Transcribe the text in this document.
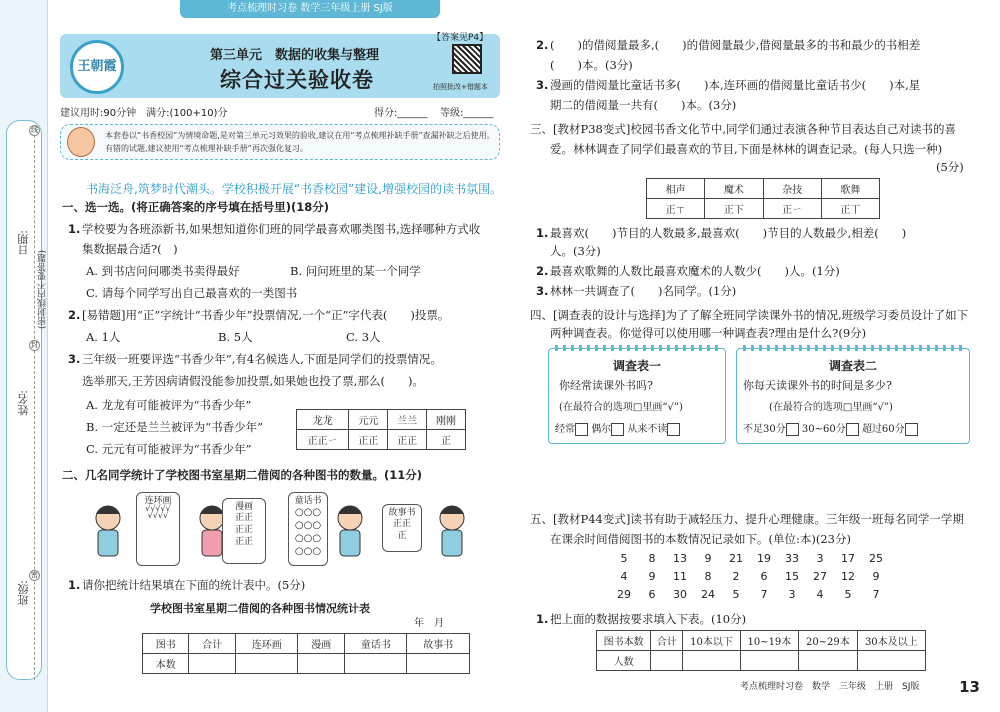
线
封
密
日期:
(密封线内不要答题)
姓名:
班级:
考点梳理时习卷 数学三年级上册 SJ版
王朝霞
第三单元　数据的收集与整理
综合过关验收卷
【答案见P4】
拍照批改+错题本
建议用时:90分钟　满分:(100+10)分	得分:______ 等级:______

本套卷以“书香校园”为情境命题,是对第三单元习效果的验收,建议在用“考点梳理补缺手册”查漏补缺之后使用。有错的试题,建议使用“考点梳理补缺手册”再次强化复习。

书海泛舟,筑梦时代潮头。学校积极开展“书香校园”建设,增强校园的读书氛围。
一、选一选。(将正确答案的序号填在括号里)(18分)
1. 学校要为各班添新书,如果想知道你们班的同学最喜欢哪类图书,选择哪种方式收
集数据最合适?(　)
A. 到书店问问哪类书卖得最好	B. 问问班里的某一个同学
C. 请每个同学写出自己最喜欢的一类图书
2. [易错题]用“正”字统计“书香少年”投票情况,一个“正”字代表(　　)投票。
A. 1人	B. 5人	C. 3人
3. 三年级一班要评选“书香少年”,有4名候选人,下面是同学们的投票情况。
选举那天,王芳因病请假没能参加投票,如果她也投了票,那么(　　)。
A. 龙龙有可能被评为“书香少年”
B. 一定还是兰兰被评为“书香少年”
C. 元元有可能被评为“书香少年”
龙龙	元元	兰兰	刚刚
正正ㄧ	正正	正正	正
二、几名同学统计了学校图书室星期二借阅的各种图书的数量。(11分)
连环画
√√√√√√√√√
漫画
正正
正正
正正
童话书
○○○
○○○
○○○
○○○
故事书
正正
正
1. 请你把统计结果填在下面的统计表中。(5分)
学校图书室星期二借阅的各种图书情况统计表
年　月
图书	合计	连环画	漫画	童话书	故事书
本数					
2. (　　)的借阅量最多,(　　)的借阅量最少,借阅量最多的书和最少的书相差
(　　)本。(3分)
3. 漫画的借阅量比童话书多(　　)本,连环画的借阅量比童话书少(　　)本,星
期二的借阅量一共有(　　)本。(3分)
三、[教材P38变式]校园书香文化节中,同学们通过表演各种节目表达自己对读书的喜
爱。林林调查了同学们最喜欢的节目,下面是林林的调查记录。(每人只选一种)
(5分)
相声	魔术	杂技	歌舞
正ㄒ	正下	正ㄧ	正丅
1. 最喜欢(　　)节目的人数最多,最喜欢(　　)节目的人数最少,相差(　　)
人。(3分)
2. 最喜欢歌舞的人数比最喜欢魔术的人数少(　　)人。(1分)
3. 林林一共调查了(　　)名同学。(1分)
四、[调查表的设计与选择]为了了解全班同学读课外书的情况,班级学习委员设计了如下
两种调查表。你觉得可以使用哪一种调查表?理由是什么?(9分)
调查表一
你经常读课外书吗?
(在最符合的选项□里画“√”)
经常 偶尔 从来不读
调查表二
你每天读课外书的时间是多少?
(在最符合的选项□里画“√”)
不足30分 30~60分 超过60分
五、[教材P44变式]读书有助于减轻压力、提升心理健康。三年级一班每名同学一学期
在课余时间借阅图书的本数情况记录如下。(单位:本)(23分)
5	8	13	9	21	19	33	3	17	25
4	9	11	8	2	6	15	27	12	9
29	6	30	24	5	7	3	4	5	7
1. 把上面的数据按要求填入下表。(10分)
图书本数	合计	10本以下	10~19本	20~29本	30本及以上
人数					
考点梳理时习卷　数学　三年级　上册　SJ版	13
